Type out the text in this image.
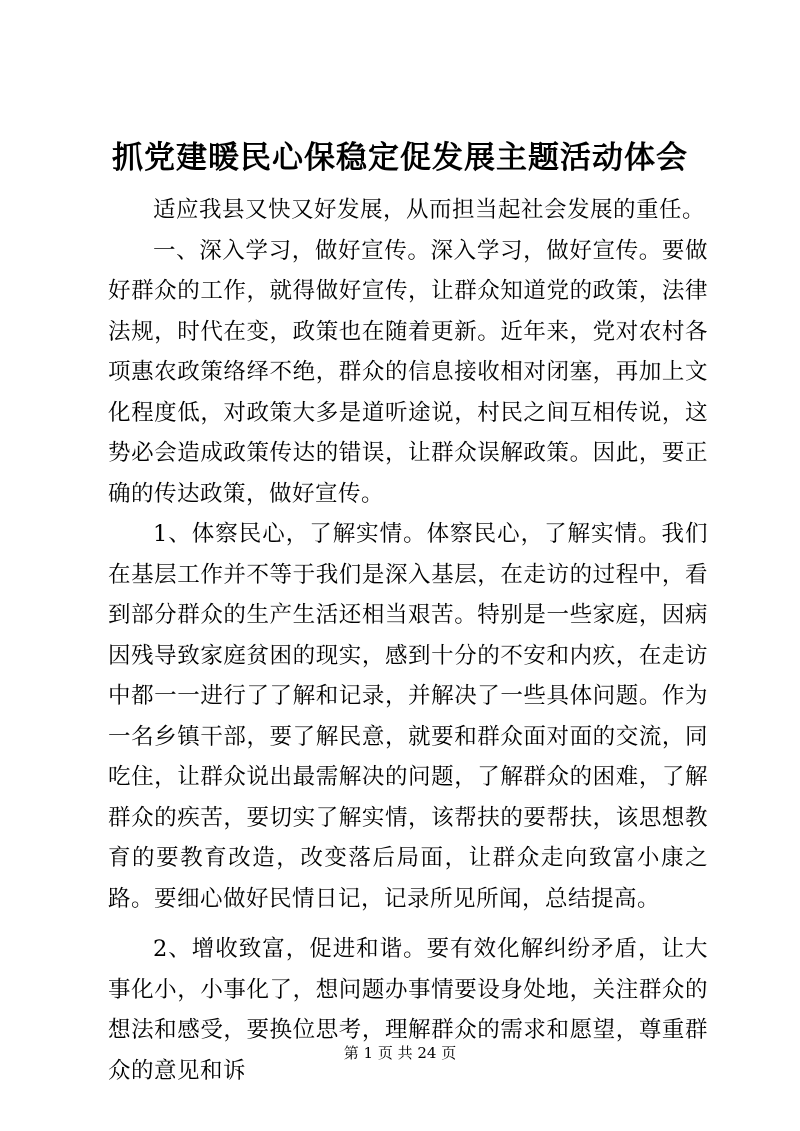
抓党建暖民心保稳定促发展主题活动体会

适应我县又快又好发展，从而担当起社会发展的重任。

一、深入学习，做好宣传。深入学习，做好宣传。要做好群众的工作，就得做好宣传，让群众知道党的政策，法律法规，时代在变，政策也在随着更新。近年来，党对农村各项惠农政策络绎不绝，群众的信息接收相对闭塞，再加上文化程度低，对政策大多是道听途说，村民之间互相传说，这势必会造成政策传达的错误，让群众误解政策。因此，要正确的传达政策，做好宣传。

1、体察民心，了解实情。体察民心，了解实情。我们在基层工作并不等于我们是深入基层，在走访的过程中，看到部分群众的生产生活还相当艰苦。特别是一些家庭，因病因残导致家庭贫困的现实，感到十分的不安和内疚，在走访中都一一进行了了解和记录，并解决了一些具体问题。作为一名乡镇干部，要了解民意，就要和群众面对面的交流，同吃住，让群众说出最需解决的问题，了解群众的困难，了解群众的疾苦，要切实了解实情，该帮扶的要帮扶，该思想教育的要教育改造，改变落后局面，让群众走向致富小康之路。要细心做好民情日记，记录所见所闻，总结提高。

2、增收致富，促进和谐。要有效化解纠纷矛盾，让大事化小，小事化了，想问题办事情要设身处地，关注群众的想法和感受，要换位思考，理解群众的需求和愿望，尊重群众的意见和诉

第 1 页 共 24 页
